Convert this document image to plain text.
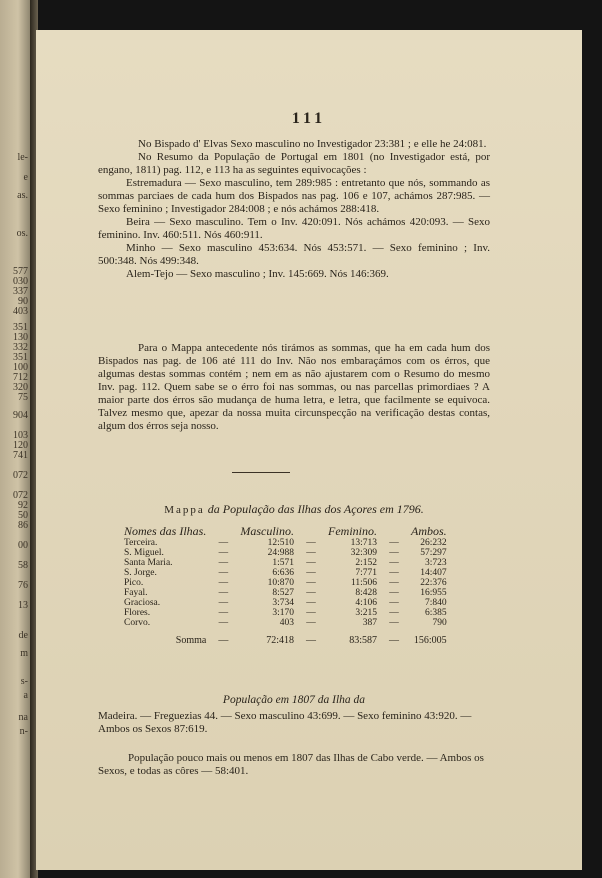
le-
e
as.
os.
577
030
337
90
403
351
130
332
351
100
712
320
75
904
103
120
741
072
072
92
50
86
00
58
76
13
de
m
s-
a
na
n-
111

No Bispado d' Elvas Sexo masculino no Investigador 23:381 ; e elle he 24:081.

No Resumo da População de Portugal em 1801 (no Investigador está, por engano, 1811) pag. 112, e 113 ha as seguintes equivocações :

Estremadura — Sexo masculino, tem 289:985 : entretanto que nós, sommando as sommas parciaes de cada hum dos Bispados nas pag. 106 e 107, achámos 287:985. — Sexo feminino ; Investigador 284:008 ; e nós achámos 288:418.

Beira — Sexo masculino. Tem o Inv. 420:091. Nós achámos 420:093. — Sexo feminino. Inv. 460:511. Nós 460:911.

Minho — Sexo masculino 453:634. Nós 453:571. — Sexo feminino ; Inv. 500:348. Nós 499:348.

Alem-Tejo — Sexo masculino ; Inv. 145:669. Nós 146:369.

Para o Mappa antecedente nós tirámos as sommas, que ha em cada hum dos Bispados nas pag. de 106 até 111 do Inv. Não nos embaraçámos com os érros, que algumas destas sommas contém ; nem em as não ajustarem com o Resumo do mesmo Inv. pag. 112. Quem sabe se o érro foi nas sommas, ou nas parcellas primordiaes ? A maior parte dos érros são mudança de huma letra, e letra, que facilmente se equivoca. Talvez mesmo que, apezar da nossa muita circunspecção na verificação destas contas, algum dos érros seja nosso.

Mappa da População das Ilhas dos Açores em 1796.
Nomes das Ilhas.		Masculino.		Feminino.		Ambos.
Terceira.	—	12:510	—	13:713	—	26:232
S. Miguel.	—	24:988	—	32:309	—	57:297
Santa Maria.	—	1:571	—	2:152	—	3:723
S. Jorge.	—	6:636	—	7:771	—	14:407
Pico.	—	10:870	—	11:506	—	22:376
Fayal.	—	8:527	—	8:428	—	16:955
Graciosa.	—	3:734	—	4:106	—	7:840
Flores.	—	3:170	—	3:215	—	6:385
Corvo.	—	403	—	387	—	790
Somma	—	72:418	—	83:587	—	156:005
População em 1807 da Ilha da
Madeira. — Freguezias 44. — Sexo masculino 43:699. — Sexo feminino 43:920. — Ambos os Sexos 87:619.
População pouco mais ou menos em 1807 das Ilhas de Cabo verde. — Ambos os Sexos, e todas as côres — 58:401.
